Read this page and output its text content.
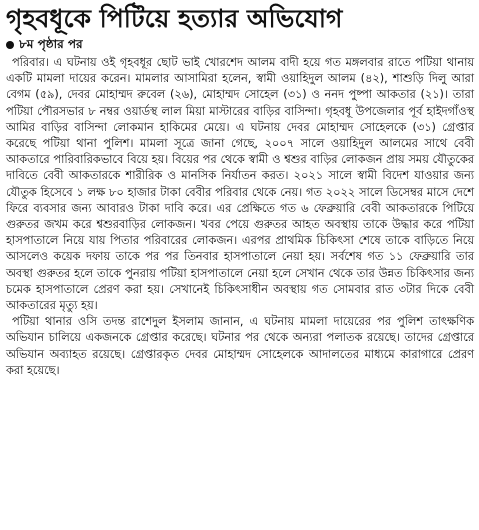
গৃহবধূকে পিটিয়ে হত্যার অভিযোগ
৮ম পৃষ্ঠার পর

পরিবার। এ ঘটনায় ওই গৃহবধূর ছোট ভাই খোরশেদ আলম বাদী হয়ে গত মঙ্গলবার রাতে পটিয়া থানায় একটি মামলা দায়ের করেন। মামলার আসামিরা হলেন, স্বামী ওয়াহিদুল আলম (৪২), শাশুড়ি দিলু আরা বেগম (৫৯), দেবর মোহাম্মদ রুবেল (২৬), মোহাম্মদ সোহেল (৩১) ও ননদ পুষ্পা আকতার (২১)। তারা পটিয়া পৌরসভার ৮ নম্বর ওয়ার্ডস্থ লাল মিয়া মাস্টারের বাড়ির বাসিন্দা। গৃহবধূ উপজেলার পূর্ব হাইদগাঁওস্থ আমির বাড়ির বাসিন্দা লোকমান হাকিমের মেয়ে। এ ঘটনায় দেবর মোহাম্মদ সোহেলকে (৩১) গ্রেপ্তার করেছে পটিয়া থানা পুলিশ। মামলা সূত্রে জানা গেছে, ২০০৭ সালে ওয়াহিদুল আলমের সাথে বেবী আকতারে পারিবারিকভাবে বিয়ে হয়। বিয়ের পর থেকে স্বামী ও শ্বশুর বাড়ির লোকজন প্রায় সময় যৌতুকের দাবিতে বেবী আকতারকে শারীরিক ও মানসিক নির্যাতন করত। ২০২১ সালে স্বামী বিদেশ যাওয়ার জন্য যৌতুক হিসেবে ১ লক্ষ ৮০ হাজার টাকা বেবীর পরিবার থেকে নেয়। গত ২০২২ সালে ডিসেম্বর মাসে দেশে ফিরে ব্যবসার জন্য আবারও টাকা দাবি করে। এর প্রেক্ষিতে গত ৬ ফেব্রুয়ারি বেবী আকতারকে পিটিয়ে গুরুতর জখম করে শ্বশুরবাড়ির লোকজন। খবর পেয়ে গুরুতর আহত অবস্থায় তাকে উদ্ধার করে পটিয়া হাসপাতালে নিয়ে যায় পিতার পরিবারের লোকজন। এরপর প্রাথমিক চিকিৎসা শেষে তাকে বাড়িতে নিয়ে আসলেও কয়েক দফায় তাকে পর পর তিনবার হাসপাতালে নেয়া হয়। সর্বশেষ গত ১১ ফেব্রুয়ারি তার অবস্থা গুরুতর হলে তাকে পুনরায় পটিয়া হাসপাতালে নেয়া হলে সেখান থেকে তার উন্নত চিকিৎসার জন্য চমেক হাসপাতালে প্রেরণ করা হয়। সেখানেই চিকিৎসাধীন অবস্থায় গত সোমবার রাত ৩টার দিকে বেবী আকতারের মৃত্যু হয়।

পটিয়া থানার ওসি তদন্ত রাশেদুল ইসলাম জানান, এ ঘটনায় মামলা দায়েরের পর পুলিশ তাৎক্ষণিক অভিযান চালিয়ে একজনকে গ্রেপ্তার করেছে। ঘটনার পর থেকে অন্যরা পলাতক রয়েছে। তাদের গ্রেপ্তারে অভিযান অব্যাহত রয়েছে। গ্রেপ্তারকৃত দেবর মোহাম্মদ সোহেলকে আদালতের মাধ্যমে কারাগারে প্রেরণ করা হয়েছে।
